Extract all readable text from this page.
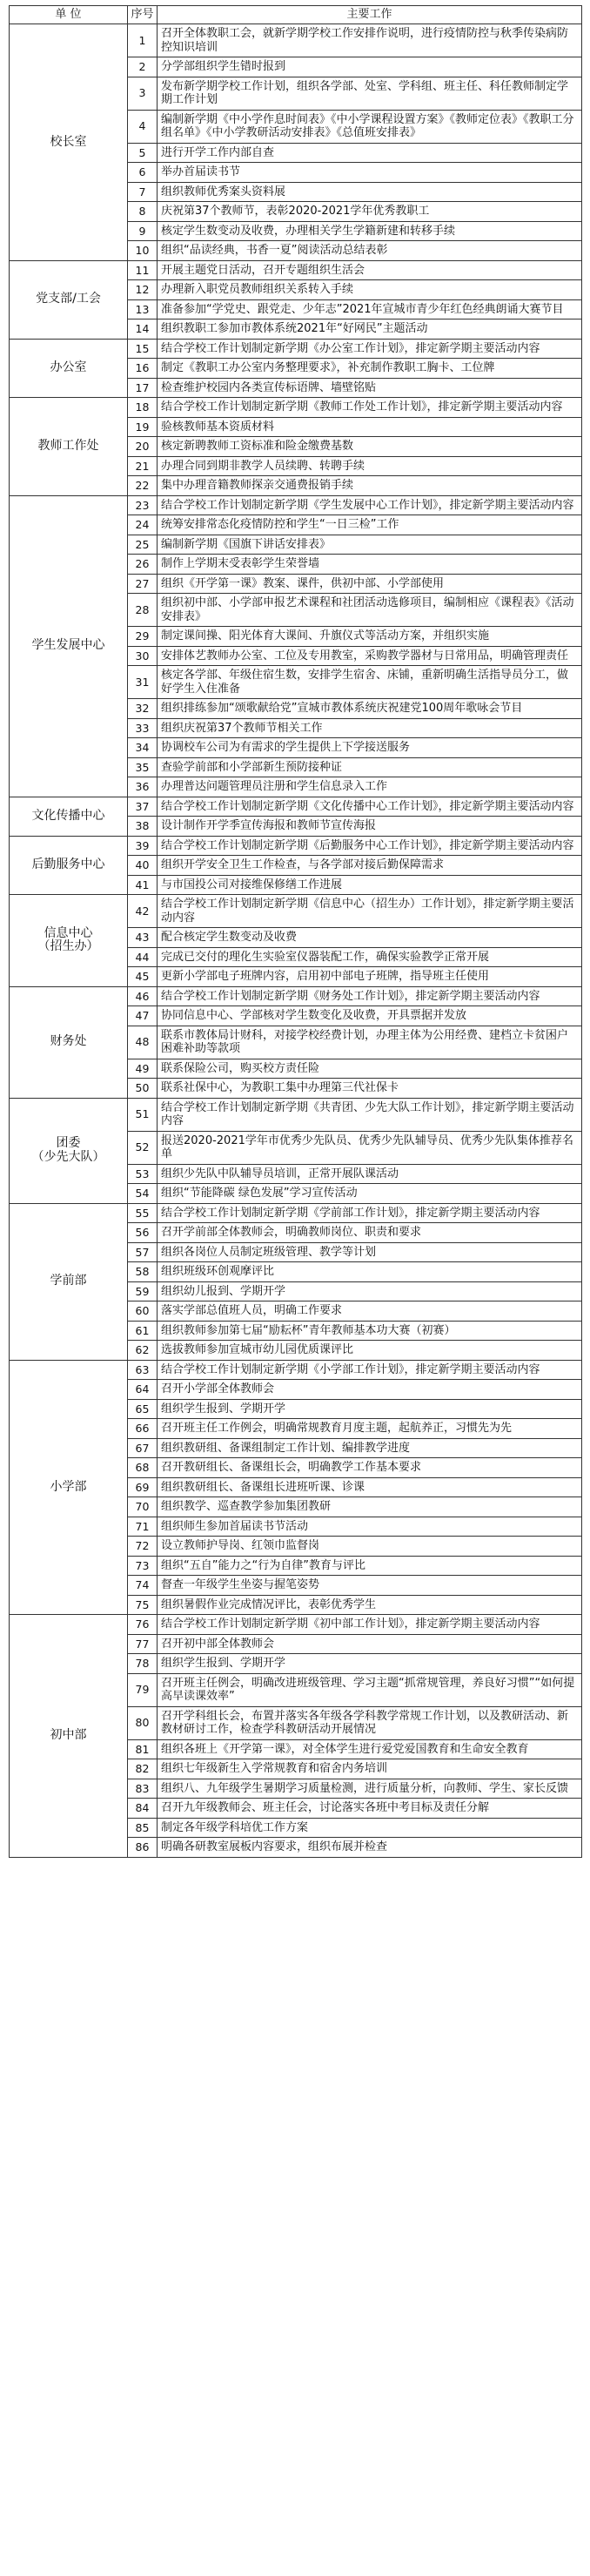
单 位	序号	主要工作
校长室	1	召开全体教职工会，就新学期学校工作安排作说明，进行疫情防控与秋季传染病防控知识培训
	2	分学部组织学生错时报到
	3	发布新学期学校工作计划，组织各学部、处室、学科组、班主任、科任教师制定学期工作计划
	4	编制新学期《中小学作息时间表》《中小学课程设置方案》《教师定位表》《教职工分组名单》《中小学教研活动安排表》《总值班安排表》
	5	进行开学工作内部自查
	6	举办首届读书节
	7	组织教师优秀案头资料展
	8	庆祝第37个教师节，表彰2020-2021学年优秀教职工
	9	核定学生数变动及收费，办理相关学生学籍新建和转移手续
	10	组织“品读经典，书香一夏”阅读活动总结表彰
党支部/工会	11	开展主题党日活动，召开专题组织生活会
	12	办理新入职党员教师组织关系转入手续
	13	准备参加“学党史、跟党走、少年志”2021年宣城市青少年红色经典朗诵大赛节目
	14	组织教职工参加市教体系统2021年“好网民”主题活动
办公室	15	结合学校工作计划制定新学期《办公室工作计划》，排定新学期主要活动内容
	16	制定《教职工办公室内务整理要求》，补充制作教职工胸卡、工位牌
	17	检查维护校园内各类宣传标语牌、墙壁铭贴
教师工作处	18	结合学校工作计划制定新学期《教师工作处工作计划》，排定新学期主要活动内容
	19	验核教师基本资质材料
	20	核定新聘教师工资标准和险金缴费基数
	21	办理合同到期非教学人员续聘、转聘手续
	22	集中办理音籍教师探亲交通费报销手续
学生发展中心	23	结合学校工作计划制定新学期《学生发展中心工作计划》，排定新学期主要活动内容
	24	统筹安排常态化疫情防控和学生“一日三检”工作
	25	编制新学期《国旗下讲话安排表》
	26	制作上学期末受表彰学生荣誉墙
	27	组织《开学第一课》教案、课件，供初中部、小学部使用
	28	组织初中部、小学部申报艺术课程和社团活动选修项目，编制相应《课程表》《活动安排表》
	29	制定课间操、阳光体育大课间、升旗仪式等活动方案，并组织实施
	30	安排体艺教师办公室、工位及专用教室，采购教学器材与日常用品，明确管理责任
	31	核定各学部、年级住宿生数，安排学生宿舍、床铺，重新明确生活指导员分工，做好学生入住准备
	32	组织排练参加“颂歌献给党”宣城市教体系统庆祝建党100周年歌咏会节目
	33	组织庆祝第37个教师节相关工作
	34	协调校车公司为有需求的学生提供上下学接送服务
	35	查验学前部和小学部新生预防接种证
	36	办理普达问题管理员注册和学生信息录入工作
文化传播中心	37	结合学校工作计划制定新学期《文化传播中心工作计划》，排定新学期主要活动内容
	38	设计制作开学季宣传海报和教师节宣传海报
后勤服务中心	39	结合学校工作计划制定新学期《后勤服务中心工作计划》，排定新学期主要活动内容
	40	组织开学安全卫生工作检查，与各学部对接后勤保障需求
	41	与市国投公司对接维保修缮工作进展
信息中心
（招生办）	42	结合学校工作计划制定新学期《信息中心（招生办）工作计划》，排定新学期主要活动内容
	43	配合核定学生数变动及收费
	44	完成已交付的理化生实验室仪器装配工作，确保实验教学正常开展
	45	更新小学部电子班牌内容，启用初中部电子班牌，指导班主任使用
财务处	46	结合学校工作计划制定新学期《财务处工作计划》，排定新学期主要活动内容
	47	协同信息中心、学部核对学生数变化及收费，开具票据并发放
	48	联系市教体局计财科，对接学校经费计划，办理主体为公用经费、建档立卡贫困户困难补助等款项
	49	联系保险公司，购买校方责任险
	50	联系社保中心，为教职工集中办理第三代社保卡
团委
（少先大队）	51	结合学校工作计划制定新学期《共青团、少先大队工作计划》，排定新学期主要活动内容
	52	报送2020-2021学年市优秀少先队员、优秀少先队辅导员、优秀少先队集体推荐名单
	53	组织少先队中队辅导员培训，正常开展队课活动
	54	组织“节能降碳 绿色发展”学习宣传活动
学前部	55	结合学校工作计划制定新学期《学前部工作计划》，排定新学期主要活动内容
	56	召开学前部全体教师会，明确教师岗位、职责和要求
	57	组织各岗位人员制定班级管理、教学等计划
	58	组织班级环创观摩评比
	59	组织幼儿报到、学期开学
	60	落实学部总值班人员，明确工作要求
	61	组织教师参加第七届“励耘杯”青年教师基本功大赛（初赛）
	62	选拔教师参加宣城市幼儿园优质课评比
小学部	63	结合学校工作计划制定新学期《小学部工作计划》，排定新学期主要活动内容
	64	召开小学部全体教师会
	65	组织学生报到、学期开学
	66	召开班主任工作例会，明确常规教育月度主题，起航养正，习惯先为先
	67	组织教研组、备课组制定工作计划、编排教学进度
	68	召开教研组长、备课组长会，明确教学工作基本要求
	69	组织教研组长、备课组长进班听课、诊课
	70	组织教学、巡查教学参加集团教研
	71	组织师生参加首届读书节活动
	72	设立教师护导岗、红领巾监督岗
	73	组织“五自”能力之“行为自律”教育与评比
	74	督查一年级学生坐姿与握笔姿势
	75	组织暑假作业完成情况评比，表彰优秀学生
初中部	76	结合学校工作计划制定新学期《初中部工作计划》，排定新学期主要活动内容
	77	召开初中部全体教师会
	78	组织学生报到、学期开学
	79	召开班主任例会，明确改进班级管理、学习主题“抓常规管理，养良好习惯”“如何提高早读课效率”
	80	召开学科组长会，布置并落实各年级各学科教学常规工作计划，以及教研活动、新教材研讨工作，检查学科教研活动开展情况
	81	组织各班上《开学第一课》，对全体学生进行爱党爱国教育和生命安全教育
	82	组织七年级新生入学常规教育和宿舍内务培训
	83	组织八、九年级学生暑期学习质量检测，进行质量分析，向教师、学生、家长反馈
	84	召开九年级教师会、班主任会，讨论落实各班中考目标及责任分解
	85	制定各年级学科培优工作方案
	86	明确各研教室展板内容要求，组织布展并检查
